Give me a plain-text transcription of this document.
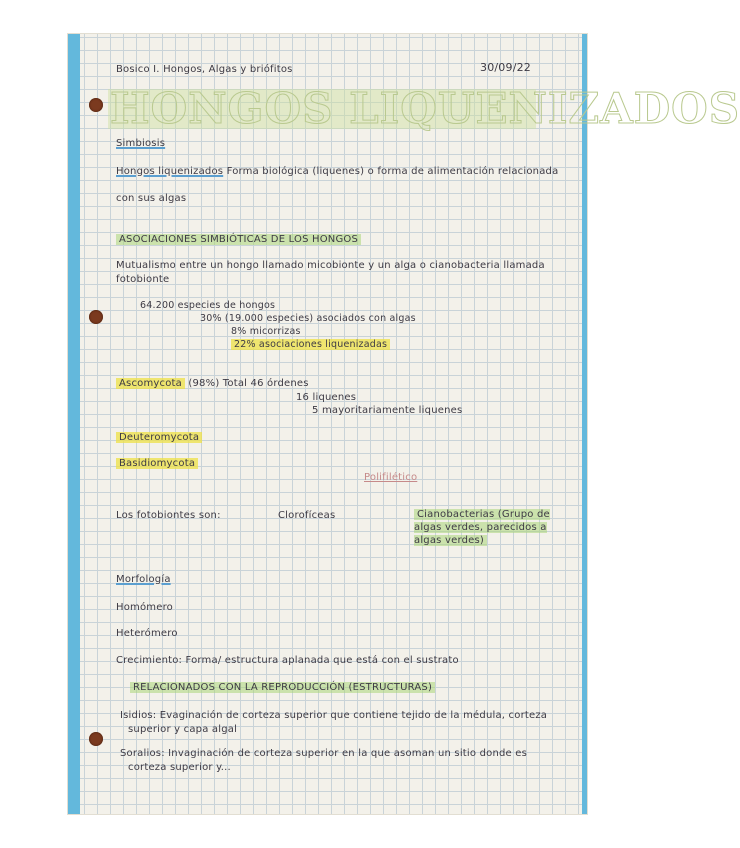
Bosico I. Hongos, Algas y briófitos	30/09/22

HONGOS LIQUENIZADOS

Simbiosis

Hongos liquenizados Forma biológica (liquenes) o forma de alimentación relacionada

con sus algas

ASOCIACIONES SIMBIÓTICAS DE LOS HONGOS

Mutualismo entre un hongo llamado micobionte y un alga o cianobacteria llamada

fotobionte

64.200 especies de hongos

30% (19.000 especies) asociados con algas

8% micorrizas

22% asociaciones liquenizadas

Ascomycota (98%) Total 46 órdenes

16 liquenes

5 mayoritariamente liquenes

Deuteromycota

Basidiomycota

Polifilético

Los fotobiontes son:	Clorofíceas	Cianobacterias (Grupo de algas verdes, parecidos a algas verdes)

Morfología

Homómero

Heterómero

Crecimiento: Forma/ estructura aplanada que está con el sustrato

RELACIONADOS CON LA REPRODUCCIÓN (ESTRUCTURAS)

Isidios: Evaginación de corteza superior que contiene tejido de la médula, corteza

superior y capa algal

Soralios: Invaginación de corteza superior en la que asoman un sitio donde es

corteza superior y...
